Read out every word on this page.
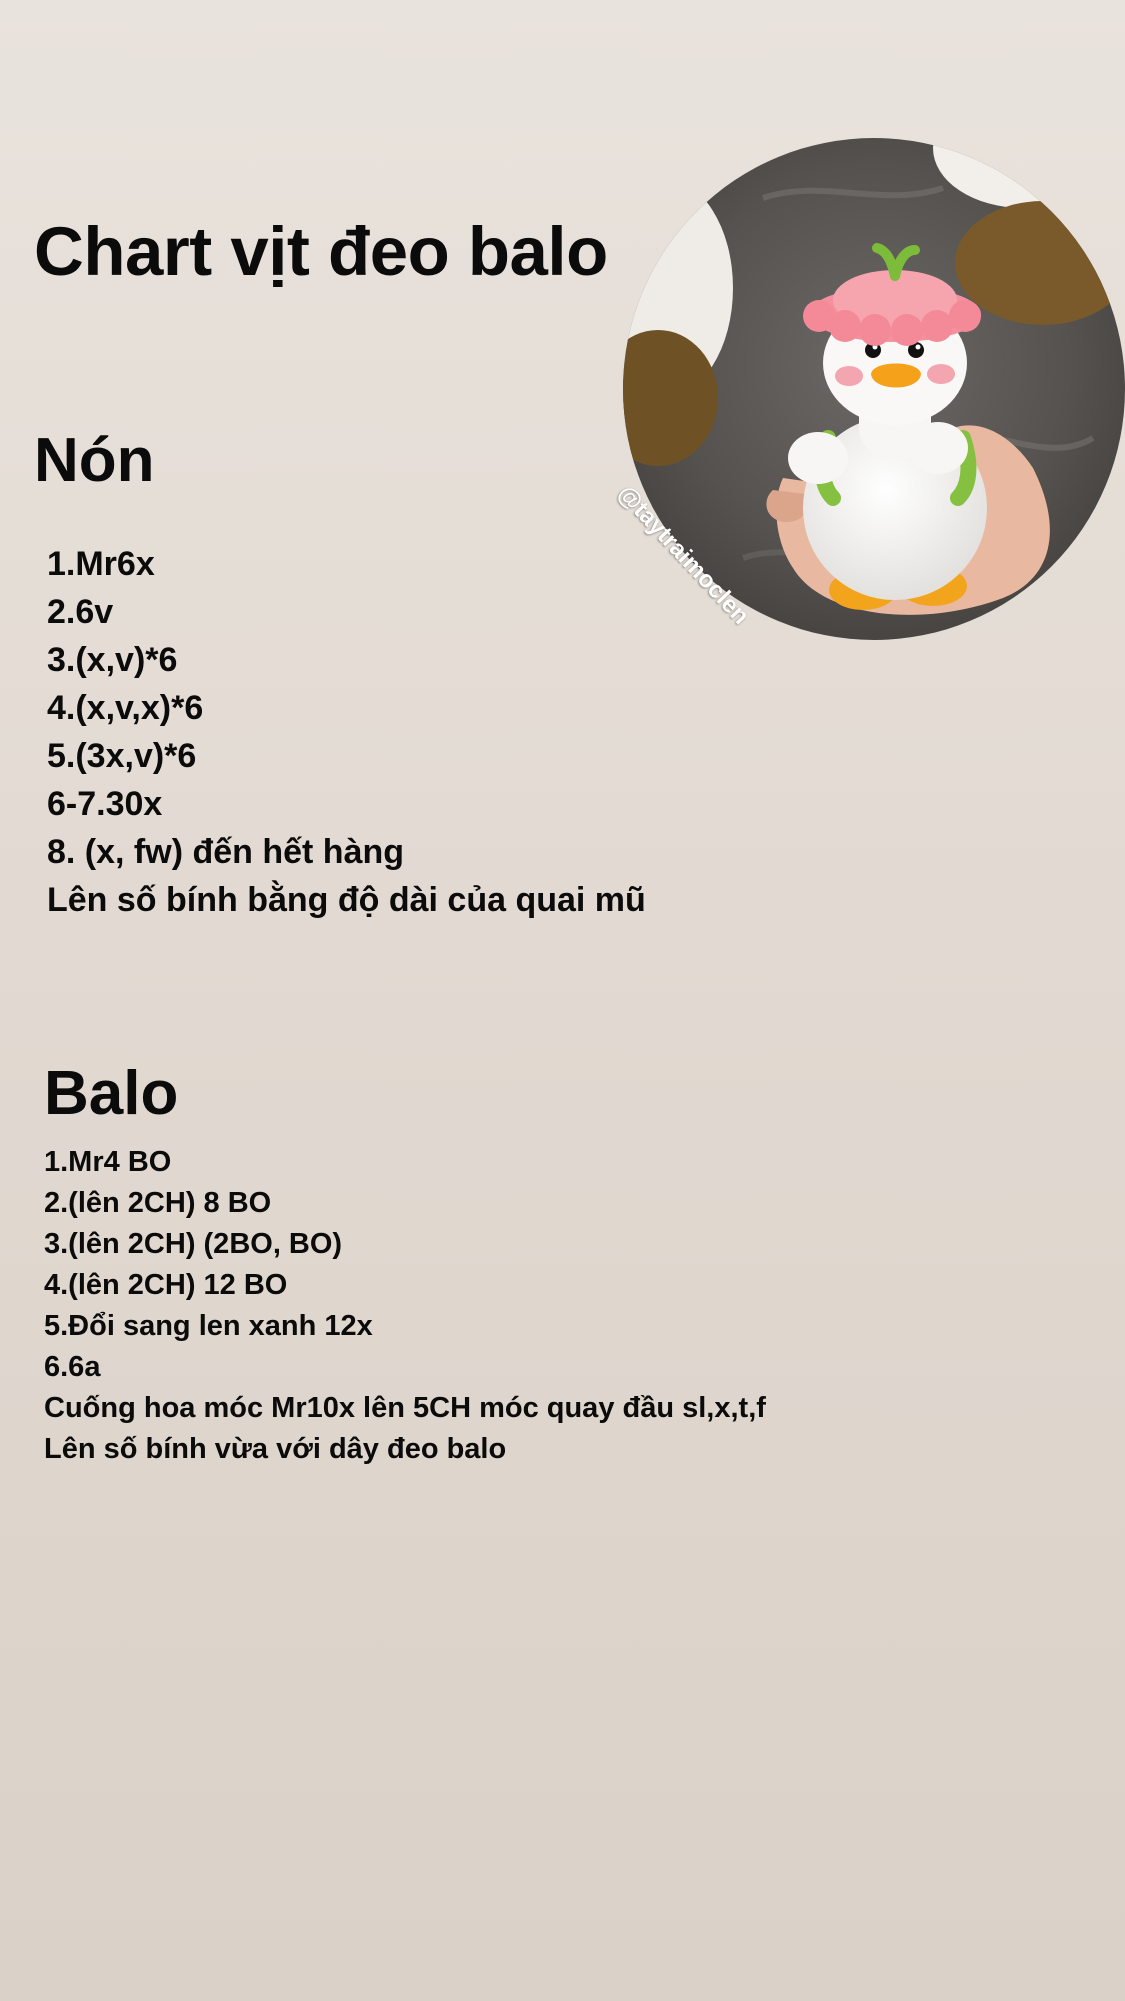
Chart vịt đeo balo
Nón
1.Mr6x
2.6v
3.(x,v)*6
4.(x,v,x)*6
5.(3x,v)*6
6-7.30x
8. (x, fw) đến hết hàng
Lên số bính bằng độ dài của quai mũ
Balo
1.Mr4 BO
2.(lên 2CH) 8 BO
3.(lên 2CH) (2BO, BO)
4.(lên 2CH) 12 BO
5.Đổi sang len xanh 12x
6.6a
Cuống hoa móc Mr10x lên 5CH móc quay đầu sl,x,t,f
Lên số bính vừa với dây đeo balo
@taytraimoclen
